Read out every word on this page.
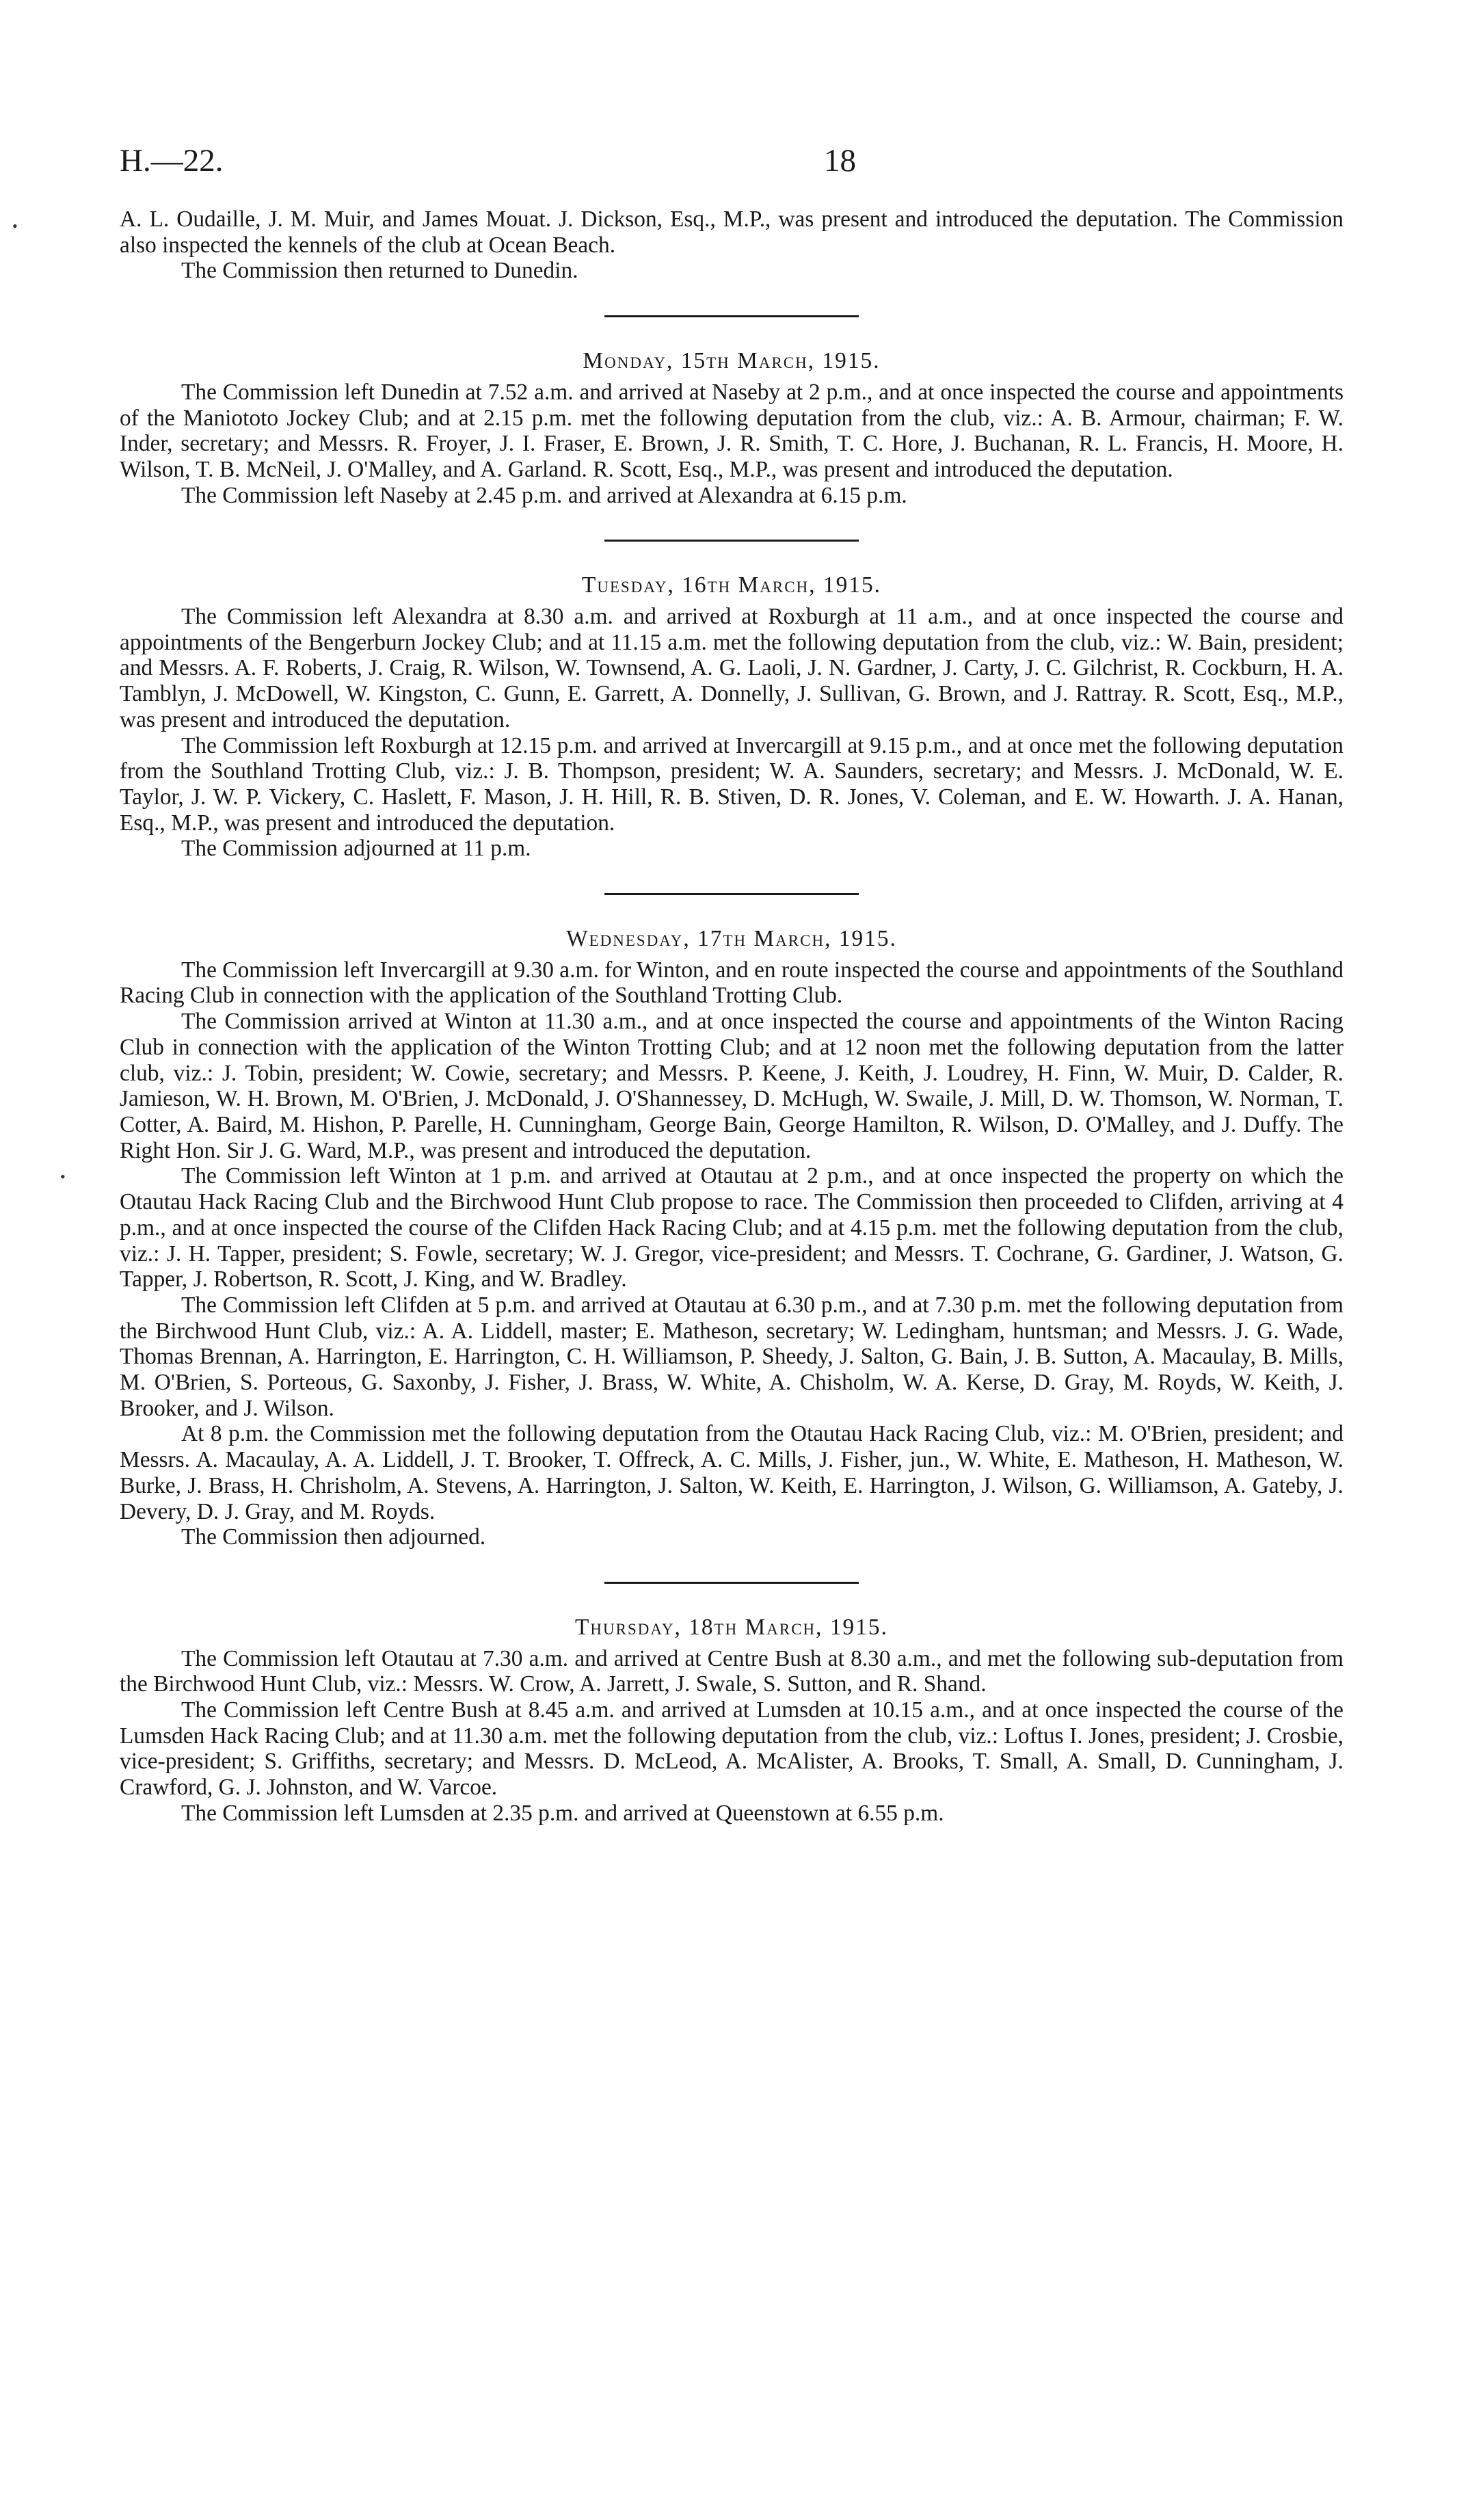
H.—22.	18
•
•

A. L. Oudaille, J. M. Muir, and James Mouat. J. Dickson, Esq., M.P., was present and introduced the deputation. The Commission also inspected the kennels of the club at Ocean Beach.

The Commission then returned to Dunedin.

Monday, 15th March, 1915.

The Commission left Dunedin at 7.52 a.m. and arrived at Naseby at 2 p.m., and at once inspected the course and appointments of the Maniototo Jockey Club; and at 2.15 p.m. met the following deputation from the club, viz.: A. B. Armour, chairman; F. W. Inder, secretary; and Messrs. R. Froyer, J. I. Fraser, E. Brown, J. R. Smith, T. C. Hore, J. Buchanan, R. L. Francis, H. Moore, H. Wilson, T. B. McNeil, J. O'Malley, and A. Garland. R. Scott, Esq., M.P., was present and introduced the deputation.

The Commission left Naseby at 2.45 p.m. and arrived at Alexandra at 6.15 p.m.

Tuesday, 16th March, 1915.

The Commission left Alexandra at 8.30 a.m. and arrived at Roxburgh at 11 a.m., and at once inspected the course and appointments of the Bengerburn Jockey Club; and at 11.15 a.m. met the following deputation from the club, viz.: W. Bain, president; and Messrs. A. F. Roberts, J. Craig, R. Wilson, W. Townsend, A. G. Laoli, J. N. Gardner, J. Carty, J. C. Gilchrist, R. Cockburn, H. A. Tamblyn, J. McDowell, W. Kingston, C. Gunn, E. Garrett, A. Donnelly, J. Sullivan, G. Brown, and J. Rattray. R. Scott, Esq., M.P., was present and introduced the deputation.

The Commission left Roxburgh at 12.15 p.m. and arrived at Invercargill at 9.15 p.m., and at once met the following deputation from the Southland Trotting Club, viz.: J. B. Thompson, president; W. A. Saunders, secretary; and Messrs. J. McDonald, W. E. Taylor, J. W. P. Vickery, C. Haslett, F. Mason, J. H. Hill, R. B. Stiven, D. R. Jones, V. Coleman, and E. W. Howarth. J. A. Hanan, Esq., M.P., was present and introduced the deputation.

The Commission adjourned at 11 p.m.

Wednesday, 17th March, 1915.

The Commission left Invercargill at 9.30 a.m. for Winton, and en route inspected the course and appointments of the Southland Racing Club in connection with the application of the Southland Trotting Club.

The Commission arrived at Winton at 11.30 a.m., and at once inspected the course and appointments of the Winton Racing Club in connection with the application of the Winton Trotting Club; and at 12 noon met the following deputation from the latter club, viz.: J. Tobin, president; W. Cowie, secretary; and Messrs. P. Keene, J. Keith, J. Loudrey, H. Finn, W. Muir, D. Calder, R. Jamieson, W. H. Brown, M. O'Brien, J. McDonald, J. O'Shannessey, D. McHugh, W. Swaile, J. Mill, D. W. Thomson, W. Norman, T. Cotter, A. Baird, M. Hishon, P. Parelle, H. Cunningham, George Bain, George Hamilton, R. Wilson, D. O'Malley, and J. Duffy. The Right Hon. Sir J. G. Ward, M.P., was present and introduced the deputation.

The Commission left Winton at 1 p.m. and arrived at Otautau at 2 p.m., and at once inspected the property on which the Otautau Hack Racing Club and the Birchwood Hunt Club propose to race. The Commission then proceeded to Clifden, arriving at 4 p.m., and at once inspected the course of the Clifden Hack Racing Club; and at 4.15 p.m. met the following deputation from the club, viz.: J. H. Tapper, president; S. Fowle, secretary; W. J. Gregor, vice-president; and Messrs. T. Cochrane, G. Gardiner, J. Watson, G. Tapper, J. Robertson, R. Scott, J. King, and W. Bradley.

The Commission left Clifden at 5 p.m. and arrived at Otautau at 6.30 p.m., and at 7.30 p.m. met the following deputation from the Birchwood Hunt Club, viz.: A. A. Liddell, master; E. Matheson, secretary; W. Ledingham, huntsman; and Messrs. J. G. Wade, Thomas Brennan, A. Harrington, E. Harrington, C. H. Williamson, P. Sheedy, J. Salton, G. Bain, J. B. Sutton, A. Macaulay, B. Mills, M. O'Brien, S. Porteous, G. Saxonby, J. Fisher, J. Brass, W. White, A. Chisholm, W. A. Kerse, D. Gray, M. Royds, W. Keith, J. Brooker, and J. Wilson.

At 8 p.m. the Commission met the following deputation from the Otautau Hack Racing Club, viz.: M. O'Brien, president; and Messrs. A. Macaulay, A. A. Liddell, J. T. Brooker, T. Offreck, A. C. Mills, J. Fisher, jun., W. White, E. Matheson, H. Matheson, W. Burke, J. Brass, H. Chrisholm, A. Stevens, A. Harrington, J. Salton, W. Keith, E. Harrington, J. Wilson, G. Williamson, A. Gateby, J. Devery, D. J. Gray, and M. Royds.

The Commission then adjourned.

Thursday, 18th March, 1915.

The Commission left Otautau at 7.30 a.m. and arrived at Centre Bush at 8.30 a.m., and met the following sub-deputation from the Birchwood Hunt Club, viz.: Messrs. W. Crow, A. Jarrett, J. Swale, S. Sutton, and R. Shand.

The Commission left Centre Bush at 8.45 a.m. and arrived at Lumsden at 10.15 a.m., and at once inspected the course of the Lumsden Hack Racing Club; and at 11.30 a.m. met the following deputation from the club, viz.: Loftus I. Jones, president; J. Crosbie, vice-president; S. Griffiths, secretary; and Messrs. D. McLeod, A. McAlister, A. Brooks, T. Small, A. Small, D. Cunningham, J. Crawford, G. J. Johnston, and W. Varcoe.

The Commission left Lumsden at 2.35 p.m. and arrived at Queenstown at 6.55 p.m.
